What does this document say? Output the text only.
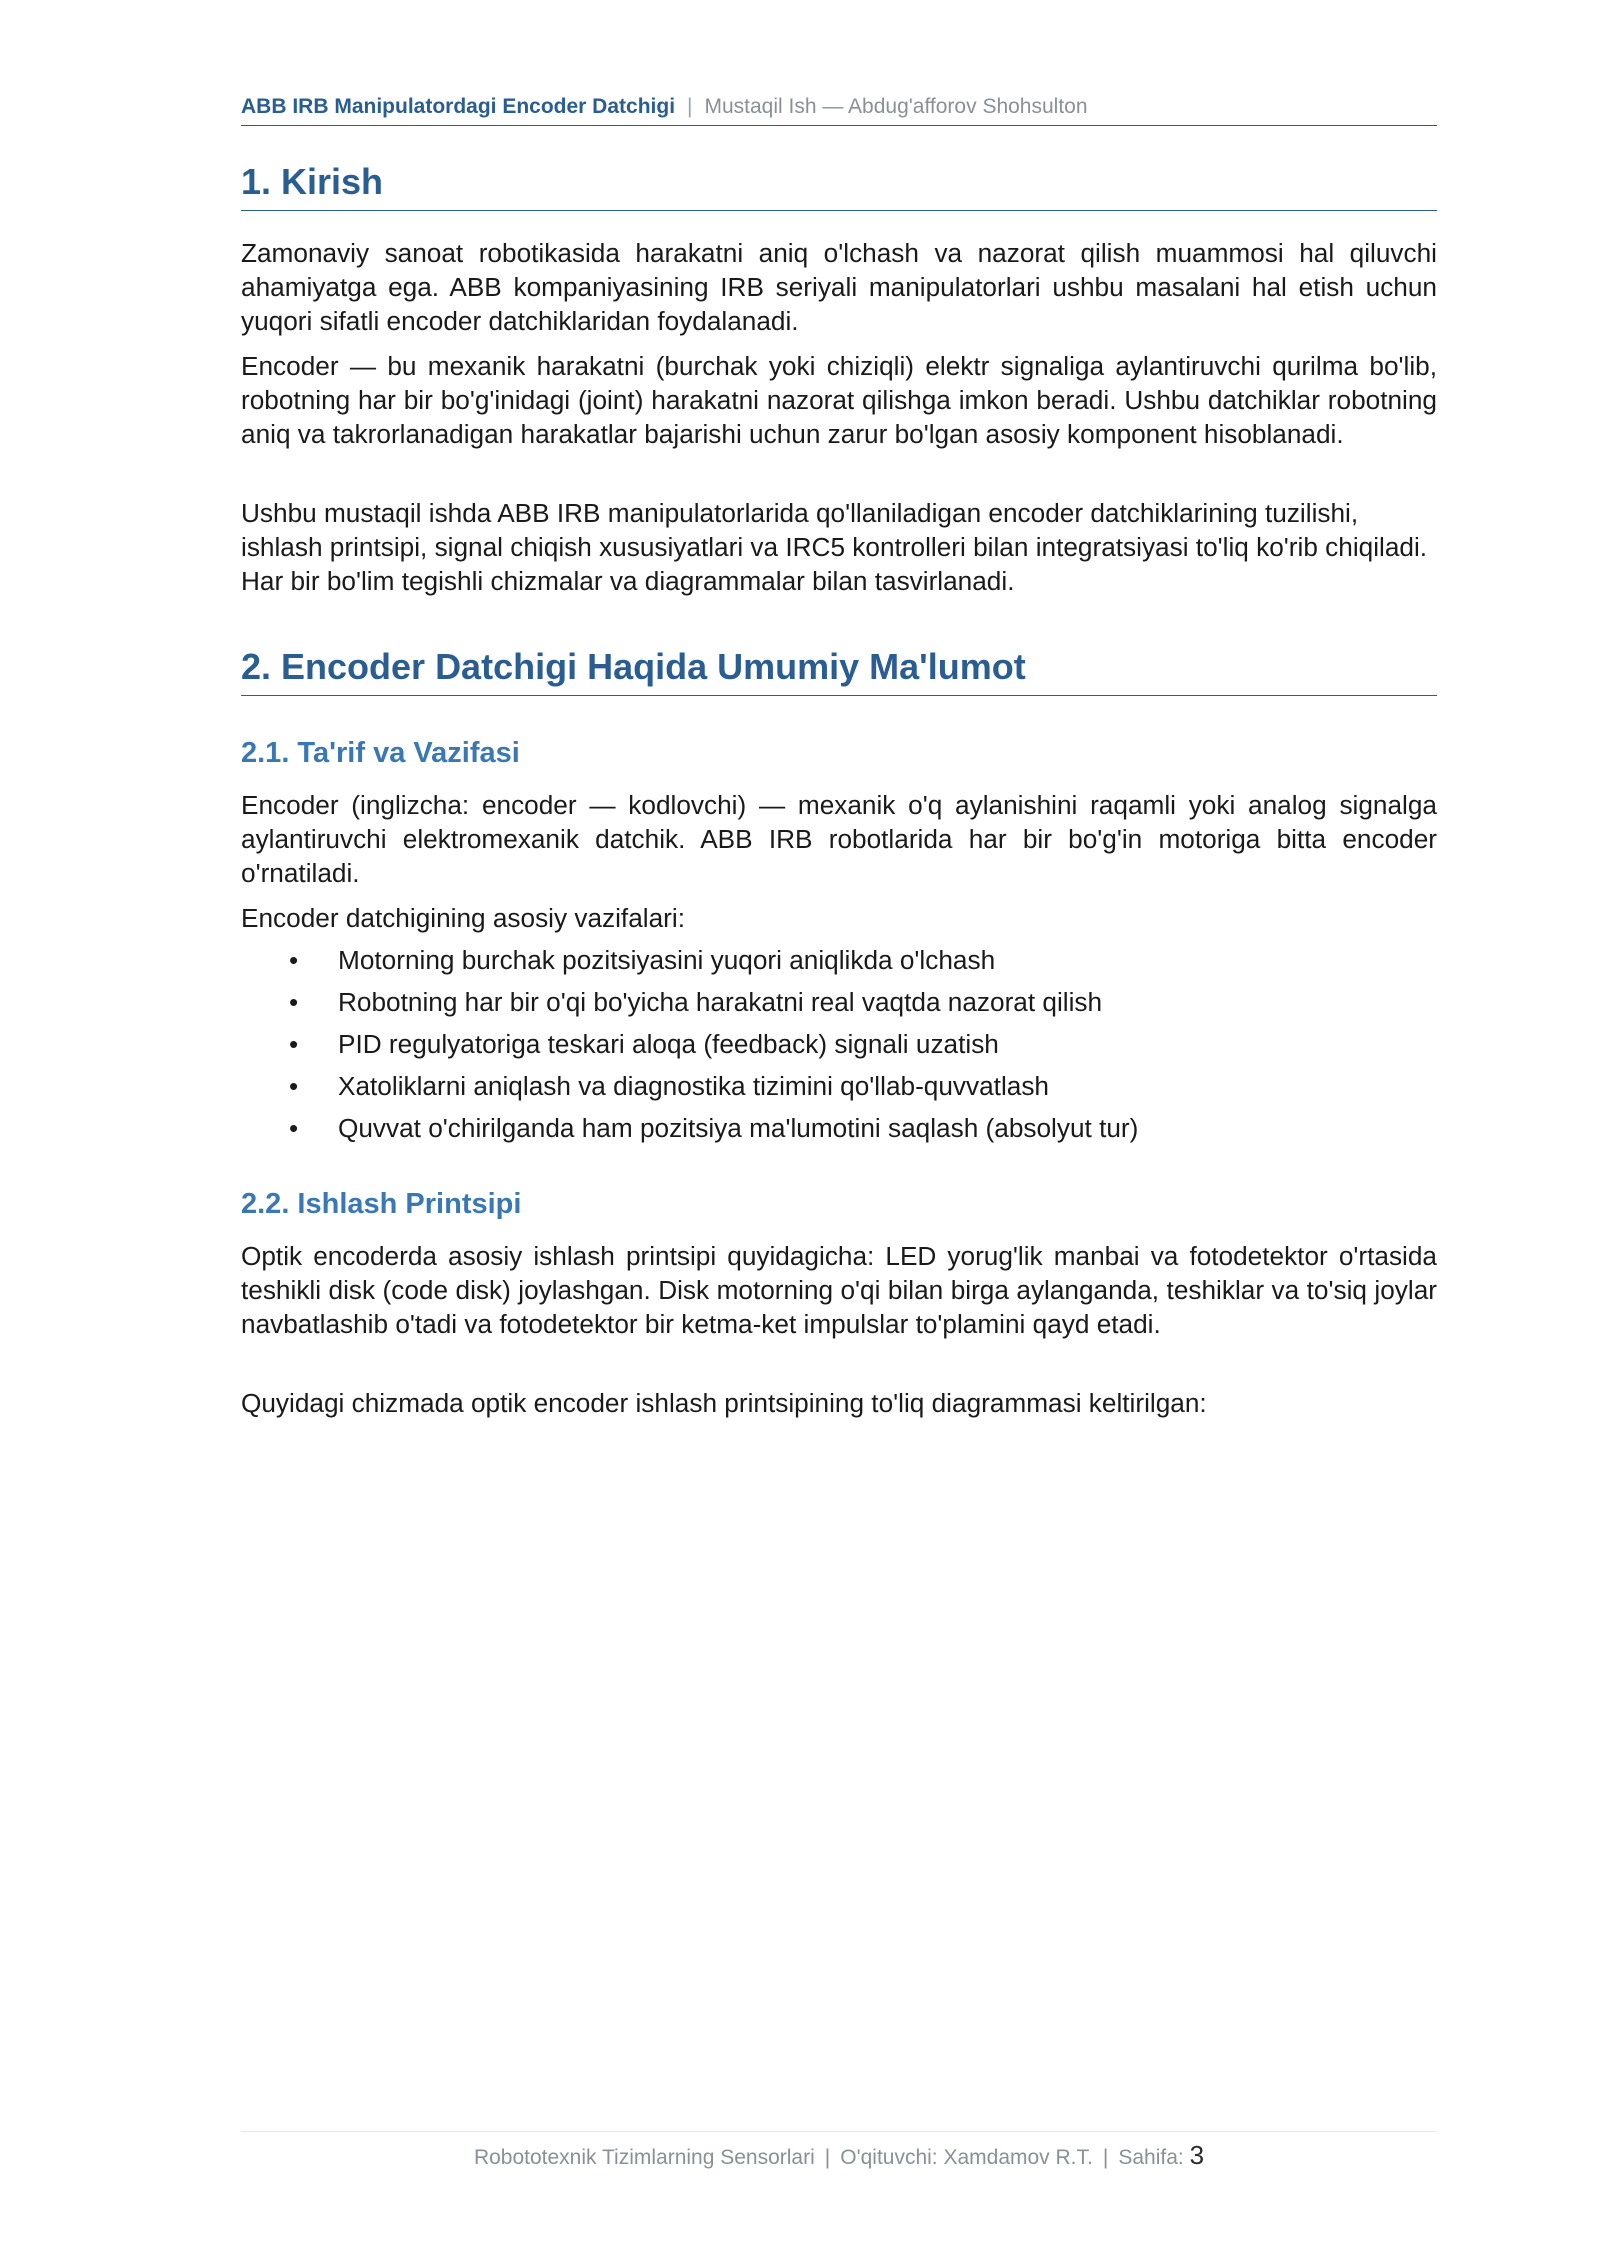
ABB IRB Manipulatordagi Encoder Datchigi | Mustaqil Ish — Abdug'afforov Shohsulton
1. Kirish

Zamonaviy sanoat robotikasida harakatni aniq o'lchash va nazorat qilish muammosi hal qiluvchi ahamiyatga ega. ABB kompaniyasining IRB seriyali manipulatorlari ushbu masalani hal etish uchun yuqori sifatli encoder datchiklaridan foydalanadi.

Encoder — bu mexanik harakatni (burchak yoki chiziqli) elektr signaliga aylantiruvchi qurilma bo'lib, robotning har bir bo'g'inidagi (joint) harakatni nazorat qilishga imkon beradi. Ushbu datchiklar robotning aniq va takrorlanadigan harakatlar bajarishi uchun zarur bo'lgan asosiy komponent hisoblanadi.

Ushbu mustaqil ishda ABB IRB manipulatorlarida qo'llaniladigan encoder datchiklarining tuzilishi, ishlash printsipi, signal chiqish xususiyatlari va IRC5 kontrolleri bilan integratsiyasi to'liq ko'rib chiqiladi. Har bir bo'lim tegishli chizmalar va diagrammalar bilan tasvirlanadi.

2. Encoder Datchigi Haqida Umumiy Ma'lumot
2.1. Ta'rif va Vazifasi

Encoder (inglizcha: encoder — kodlovchi) — mexanik o'q aylanishini raqamli yoki analog signalga aylantiruvchi elektromexanik datchik. ABB IRB robotlarida har bir bo'g'in motoriga bitta encoder o'rnatiladi.

Encoder datchigining asosiy vazifalari:

• Motorning burchak pozitsiyasini yuqori aniqlikda o'lchash
• Robotning har bir o'qi bo'yicha harakatni real vaqtda nazorat qilish
• PID regulyatoriga teskari aloqa (feedback) signali uzatish
• Xatoliklarni aniqlash va diagnostika tizimini qo'llab-quvvatlash
• Quvvat o'chirilganda ham pozitsiya ma'lumotini saqlash (absolyut tur)
2.2. Ishlash Printsipi

Optik encoderda asosiy ishlash printsipi quyidagicha: LED yorug'lik manbai va fotodetektor o'rtasida teshikli disk (code disk) joylashgan. Disk motorning o'qi bilan birga aylanganda, teshiklar va to'siq joylar navbatlashib o'tadi va fotodetektor bir ketma-ket impulslar to'plamini qayd etadi.

Quyidagi chizmada optik encoder ishlash printsipining to'liq diagrammasi keltirilgan:

Robototexnik Tizimlarning Sensorlari | O'qituvchi: Xamdamov R.T. | Sahifa: 3
